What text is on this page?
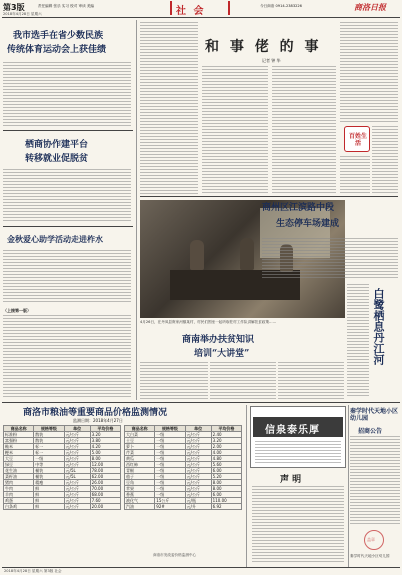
第3版	责任编辑 张乐 实习 校对 审读 美编	社 会	今日商洛 0914-2383226	商洛日报
2018年4月28日 星期六
我市选手在省少数民族
传统体育运动会上获佳绩
栖商协作建平台
转移就业促脱贫
金秋爱心助学活动走进柞水
（上接第一版）
和 事 佬 的 事
记者 钟 华
百姓生活
4月26日，在丹凤县庾家河镇某村，村民们围坐一起听取驻村工作队讲解扶贫政策……
商州区江滨路中段
生态停车场建成
白鹭栖息丹江河
商南举办扶贫知识
培训“大讲堂”
商洛市粮油等重要商品价格监测情况
监测日期：2018年4月27日
商品名称	规格等级	单位	平均价格
标准粉	散装	元/公斤	3.20
富强粉	散装	元/公斤	3.80
籼米	标一	元/公斤	4.20
粳米	标一	元/公斤	5.00
大豆	一级	元/公斤	8.00
绿豆	中等	元/公斤	12.00
花生油	桶装	元/5L	78.00
菜籽油	桶装	元/5L	62.00
猪肉	精瘦	元/公斤	26.00
牛肉	鲜	元/公斤	70.00
羊肉	鲜	元/公斤	68.00
鸡蛋	鲜	元/公斤	7.60
白条鸡	鲜	元/公斤	20.00
商品名称	规格等级	单位	平均价格
大白菜	一级	元/公斤	2.40
土豆	一级	元/公斤	3.20
萝卜	一级	元/公斤	2.00
芹菜	一级	元/公斤	4.00
黄瓜	一级	元/公斤	4.80
西红柿	一级	元/公斤	5.60
青椒	一级	元/公斤	6.00
茄子	一级	元/公斤	5.20
豆角	一级	元/公斤	8.00
苹果	一级	元/公斤	8.00
香蕉	一级	元/公斤	6.00
液化气	15公斤	元/瓶	110.00
汽油	92#	元/升	6.92
商洛市发改委价格监测中心
信泉泰乐厚
声 明
秦学时代天地小区幼儿园
招商公告
盖章
秦学时代天地小区幼儿园
2018年4月28日 星期六 第3版 社会
